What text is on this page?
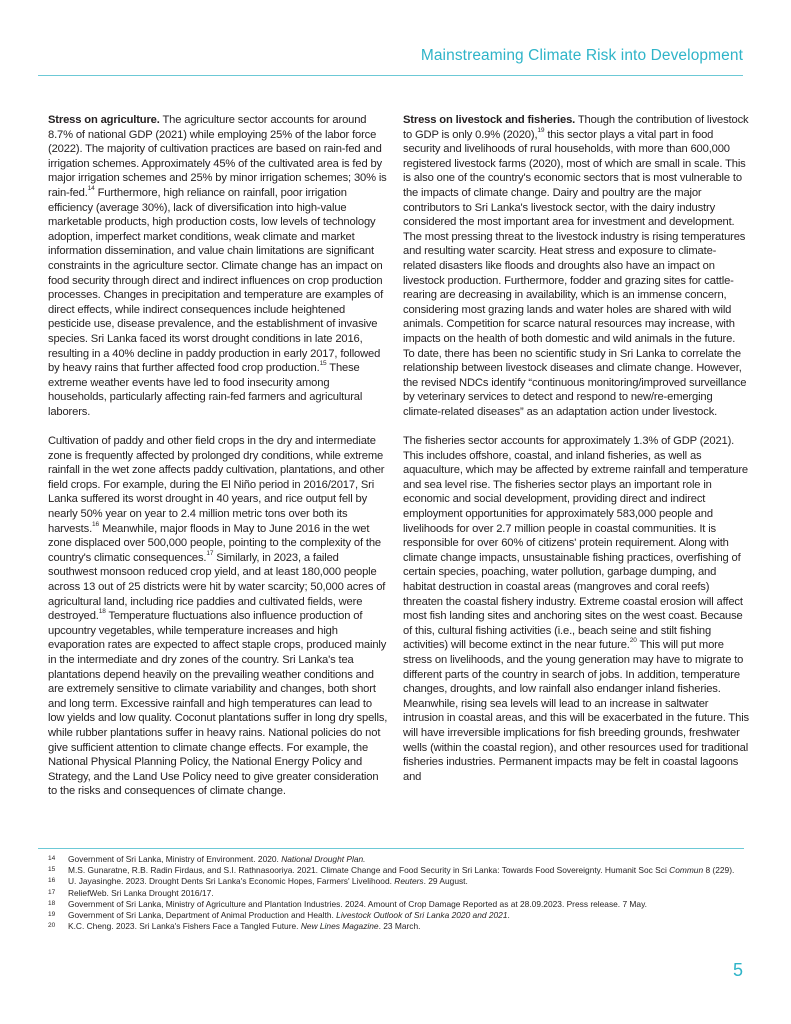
Mainstreaming Climate Risk into Development

Stress on agriculture. The agriculture sector accounts for around 8.7% of national GDP (2021) while employing 25% of the labor force (2022). The majority of cultivation practices are based on rain-fed and irrigation schemes. Approximately 45% of the cultivated area is fed by major irrigation schemes and 25% by minor irrigation schemes; 30% is rain-fed.$^{14}$ Furthermore, high reliance on rainfall, poor irrigation efficiency (average 30%), lack of diversification into high-value marketable products, high production costs, low levels of technology adoption, imperfect market conditions, weak climate and market information dissemination, and value chain limitations are significant constraints in the agriculture sector. Climate change has an impact on food security through direct and indirect influences on crop production processes. Changes in precipitation and temperature are examples of direct effects, while indirect consequences include heightened pesticide use, disease prevalence, and the establishment of invasive species. Sri Lanka faced its worst drought conditions in late 2016, resulting in a 40% decline in paddy production in early 2017, followed by heavy rains that further affected food crop production.$^{15}$ These extreme weather events have led to food insecurity among households, particularly affecting rain-fed farmers and agricultural laborers.

Cultivation of paddy and other field crops in the dry and intermediate zone is frequently affected by prolonged dry conditions, while extreme rainfall in the wet zone affects paddy cultivation, plantations, and other field crops. For example, during the El Niño period in 2016/2017, Sri Lanka suffered its worst drought in 40 years, and rice output fell by nearly 50% year on year to 2.4 million metric tons over both its harvests.$^{16}$ Meanwhile, major floods in May to June 2016 in the wet zone displaced over 500,000 people, pointing to the complexity of the country's climatic consequences.$^{17}$ Similarly, in 2023, a failed southwest monsoon reduced crop yield, and at least 180,000 people across 13 out of 25 districts were hit by water scarcity; 50,000 acres of agricultural land, including rice paddies and cultivated fields, were destroyed.$^{18}$ Temperature fluctuations also influence production of upcountry vegetables, while temperature increases and high evaporation rates are expected to affect staple crops, produced mainly in the intermediate and dry zones of the country. Sri Lanka's tea plantations depend heavily on the prevailing weather conditions and are extremely sensitive to climate variability and changes, both short and long term. Excessive rainfall and high temperatures can lead to low yields and low quality. Coconut plantations suffer in long dry spells, while rubber plantations suffer in heavy rains. National policies do not give sufficient attention to climate change effects. For example, the National Physical Planning Policy, the National Energy Policy and Strategy, and the Land Use Policy need to give greater consideration to the risks and consequences of climate change.

Stress on livestock and fisheries. Though the contribution of livestock to GDP is only 0.9% (2020),$^{19}$ this sector plays a vital part in food security and livelihoods of rural households, with more than 600,000 registered livestock farms (2020), most of which are small in scale. This is also one of the country's economic sectors that is most vulnerable to the impacts of climate change. Dairy and poultry are the major contributors to Sri Lanka's livestock sector, with the dairy industry considered the most important area for investment and development. The most pressing threat to the livestock industry is rising temperatures and resulting water scarcity. Heat stress and exposure to climate-related disasters like floods and droughts also have an impact on livestock production. Furthermore, fodder and grazing sites for cattle-rearing are decreasing in availability, which is an immense concern, considering most grazing lands and water holes are shared with wild animals. Competition for scarce natural resources may increase, with impacts on the health of both domestic and wild animals in the future. To date, there has been no scientific study in Sri Lanka to correlate the relationship between livestock diseases and climate change. However, the revised NDCs identify “continuous monitoring/improved surveillance by veterinary services to detect and respond to new/re-emerging climate-related diseases” as an adaptation action under livestock.

The fisheries sector accounts for approximately 1.3% of GDP (2021). This includes offshore, coastal, and inland fisheries, as well as aquaculture, which may be affected by extreme rainfall and temperature and sea level rise. The fisheries sector plays an important role in economic and social development, providing direct and indirect employment opportunities for approximately 583,000 people and livelihoods for over 2.7 million people in coastal communities. It is responsible for over 60% of citizens' protein requirement. Along with climate change impacts, unsustainable fishing practices, overfishing of certain species, poaching, water pollution, garbage dumping, and habitat destruction in coastal areas (mangroves and coral reefs) threaten the coastal fishery industry. Extreme coastal erosion will affect most fish landing sites and anchoring sites on the west coast. Because of this, cultural fishing activities (i.e., beach seine and stilt fishing activities) will become extinct in the near future.$^{20}$ This will put more stress on livelihoods, and the young generation may have to migrate to different parts of the country in search of jobs. In addition, temperature changes, droughts, and low rainfall also endanger inland fisheries. Meanwhile, rising sea levels will lead to an increase in saltwater intrusion in coastal areas, and this will be exacerbated in the future. This will have irreversible implications for fish breeding grounds, freshwater wells (within the coastal region), and other resources used for traditional fisheries industries. Permanent impacts may be felt in coastal lagoons and

14 Government of Sri Lanka, Ministry of Environment. 2020. National Drought Plan.
15 M.S. Gunaratne, R.B. Radin Firdaus, and S.I. Rathnasooriya. 2021. Climate Change and Food Security in Sri Lanka: Towards Food Sovereignty. Humanit Soc Sci Commun 8 (229).
16 U. Jayasinghe. 2023. Drought Dents Sri Lanka's Economic Hopes, Farmers' Livelihood. Reuters. 29 August.
17 ReliefWeb. Sri Lanka Drought 2016/17.
18 Government of Sri Lanka, Ministry of Agriculture and Plantation Industries. 2024. Amount of Crop Damage Reported as at 28.09.2023. Press release. 7 May.
19 Government of Sri Lanka, Department of Animal Production and Health. Livestock Outlook of Sri Lanka 2020 and 2021.
20 K.C. Cheng. 2023. Sri Lanka's Fishers Face a Tangled Future. New Lines Magazine. 23 March.
5
